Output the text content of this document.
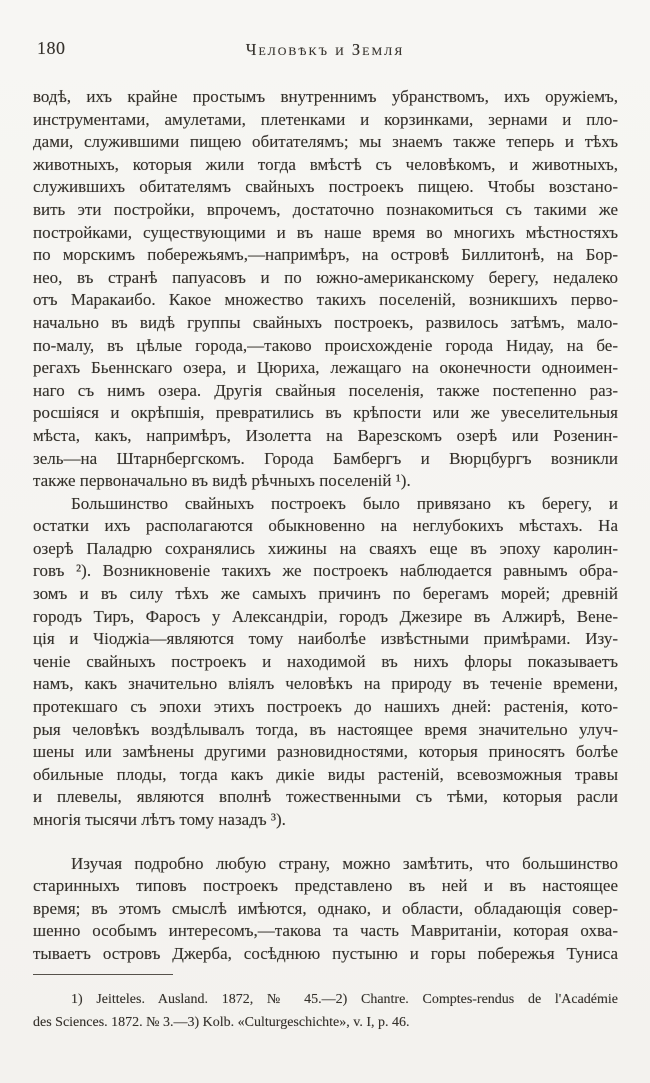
180	Человѣкъ и Земля
водѣ, ихъ крайне простымъ внутреннимъ убранствомъ, ихъ оружіемъ,
инструментами, амулетами, плетенками и корзинками, зернами и пло-
дами, служившими пищею обитателямъ; мы знаемъ также теперь и тѣхъ
животныхъ, которыя жили тогда вмѣстѣ съ человѣкомъ, и животныхъ,
служившихъ обитателямъ свайныхъ построекъ пищею. Чтобы возстано-
вить эти постройки, впрочемъ, достаточно познакомиться съ такими же
постройками, существующими и въ наше время во многихъ мѣстностяхъ
по морскимъ побережьямъ,—напримѣръ, на островѣ Биллитонѣ, на Бор-
нео, въ странѣ папуасовъ и по южно-американскому берегу, недалеко
отъ Маракаибо. Какое множество такихъ поселеній, возникшихъ перво-
начально въ видѣ группы свайныхъ построекъ, развилось затѣмъ, мало-
по-малу, въ цѣлые города,—таково происхожденіе города Нидау, на бе-
регахъ Бьеннскаго озера, и Цюриха, лежащаго на оконечности одноимен-
наго съ нимъ озера. Другія свайныя поселенія, также постепенно раз-
росшіяся и окрѣпшія, превратились въ крѣпости или же увеселительныя
мѣста, какъ, напримѣръ, Изолетта на Варезскомъ озерѣ или Розенин-
зель—на Штарнбергскомъ. Города Бамбергъ и Вюрцбургъ возникли
также первоначально въ видѣ рѣчныхъ поселеній ¹).
Большинство свайныхъ построекъ было привязано къ берегу, и
остатки ихъ располагаются обыкновенно на неглубокихъ мѣстахъ. На
озерѣ Паладрю сохранялись хижины на сваяхъ еще въ эпоху каролин-
говъ ²). Возникновеніе такихъ же построекъ наблюдается равнымъ обра-
зомъ и въ силу тѣхъ же самыхъ причинъ по берегамъ морей; древній
городъ Тиръ, Фаросъ у Александріи, городъ Джезире въ Алжирѣ, Вене-
ція и Чіоджіа—являются тому наиболѣе извѣстными примѣрами. Изу-
ченіе свайныхъ построекъ и находимой въ нихъ флоры показываетъ
намъ, какъ значительно вліялъ человѣкъ на природу въ теченіе времени,
протекшаго съ эпохи этихъ построекъ до нашихъ дней: растенія, кото-
рыя человѣкъ воздѣлывалъ тогда, въ настоящее время значительно улуч-
шены или замѣнены другими разновидностями, которыя приносятъ болѣе
обильные плоды, тогда какъ дикіе виды растеній, всевозможныя травы
и плевелы, являются вполнѣ тожественными съ тѣми, которыя расли
многія тысячи лѣтъ тому назадъ ³).
Изучая подробно любую страну, можно замѣтить, что большинство
старинныхъ типовъ построекъ представлено въ ней и въ настоящее
время; въ этомъ смыслѣ имѣются, однако, и области, обладающія совер-
шенно особымъ интересомъ,—такова та часть Мавританіи, которая охва-
тываетъ островъ Джерба, сосѣднюю пустыню и горы побережья Туниса
1) Jeitteles. Ausland. 1872, № 45.—2) Chantre. Comptes-rendus de l'Académie
des Sciences. 1872. № 3.—3) Kolb. «Culturgeschichte», v. I, p. 46.
